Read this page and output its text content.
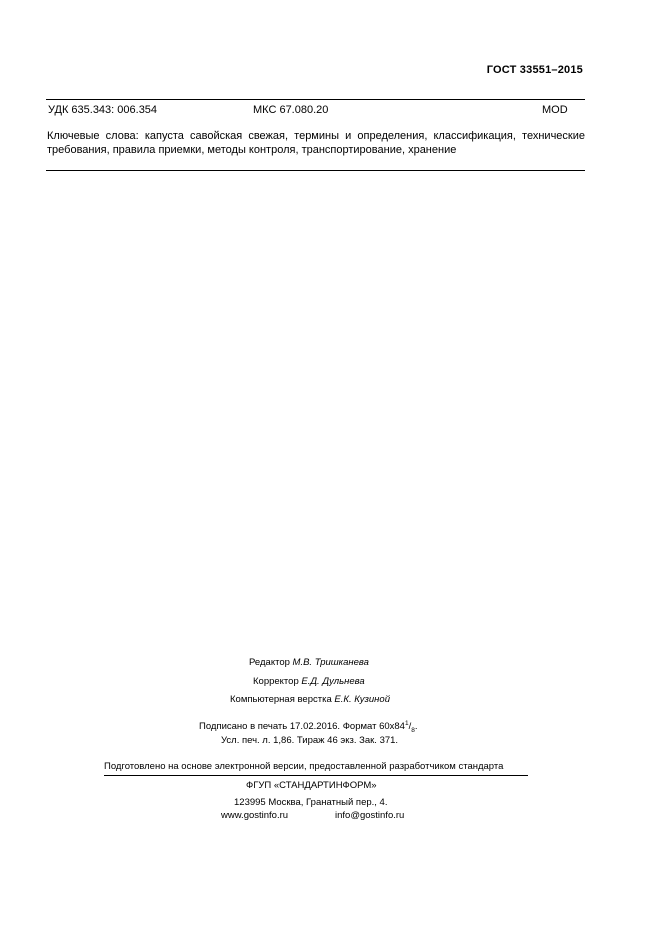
ГОСТ 33551–2015
УДК 635.343: 006.354	МКС 67.080.20	MOD
Ключевые слова: капуста савойская свежая, термины и определения, классификация, технические
требования, правила приемки, методы контроля, транспортирование, хранение
Редактор М.В. Тришканева
Корректор Е.Д. Дульнева
Компьютерная верстка Е.К. Кузиной
Подписано в печать 17.02.2016. Формат $60х84^1/_8$.
Усл. печ. л. 1,86. Тираж 46 экз. Зак. 371.
Подготовлено на основе электронной версии, предоставленной разработчиком стандарта
ФГУП «СТАНДАРТИНФОРМ»
123995 Москва, Гранатный пер., 4.
www.gostinfo.ru	info@gostinfo.ru
